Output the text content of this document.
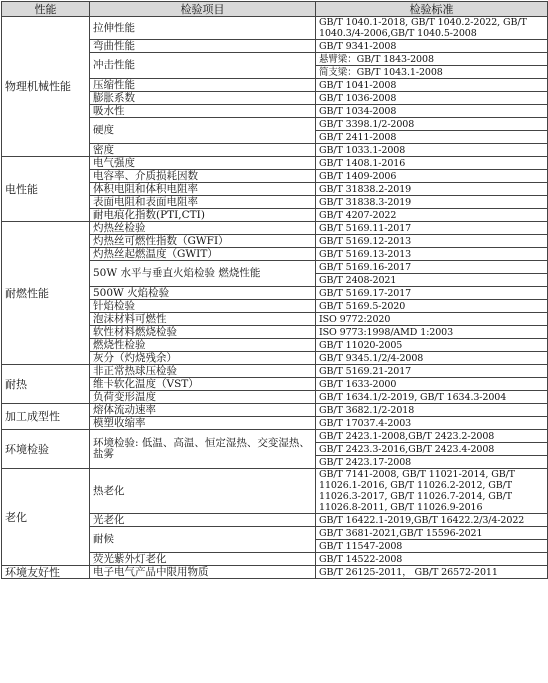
性能	检验项目	检验标准
物理机械性能	拉伸性能	GB/T 1040.1-2018, GB/T 1040.2-2022, GB/T 1040.3/4-2006,GB/T 1040.5-2008
	弯曲性能	GB/T 9341-2008
	冲击性能	悬臂梁：GB/T 1843-2008
		简支梁：GB/T 1043.1-2008
	压缩性能	GB/T 1041-2008
	膨胀系数	GB/T 1036-2008
	吸水性	GB/T 1034-2008
	硬度	GB/T 3398.1/2-2008
		GB/T 2411-2008
	密度	GB/T 1033.1-2008
电性能	电气强度	GB/T 1408.1-2016
	电容率、介质损耗因数	GB/T 1409-2006
	体积电阻和体积电阻率	GB/T 31838.2-2019
	表面电阻和表面电阻率	GB/T 31838.3-2019
	耐电痕化指数(PTI,CTI)	GB/T 4207-2022
耐燃性能	灼热丝检验	GB/T 5169.11-2017
	灼热丝可燃性指数（GWFI）	GB/T 5169.12-2013
	灼热丝起燃温度（GWIT）	GB/T 5169.13-2013
	50W 水平与垂直火焰检验 燃烧性能	GB/T 5169.16-2017
		GB/T 2408-2021
	500W 火焰检验	GB/T 5169.17-2017
	针焰检验	GB/T 5169.5-2020
	泡沫材料可燃性	ISO 9772:2020
	软性材料燃烧检验	ISO 9773:1998/AMD 1:2003
	燃烧性检验	GB/T 11020-2005
	灰分（灼烧残余）	GB/T 9345.1/2/4-2008
耐热	非正常热球压检验	GB/T 5169.21-2017
	维卡软化温度（VST）	GB/T 1633-2000
	负荷变形温度	GB/T 1634.1/2-2019, GB/T 1634.3-2004
加工成型性	熔体流动速率	GB/T 3682.1/2-2018
	模塑收缩率	GB/T 17037.4-2003
环境检验	环境检验: 低温、高温、恒定湿热、交变湿热、盐雾	GB/T 2423.1-2008,GB/T 2423.2-2008
		GB/T 2423.3-2016,GB/T 2423.4-2008
		GB/T 2423.17-2008
老化	热老化	GB/T 7141-2008, GB/T 11021-2014, GB/T 11026.1-2016, GB/T 11026.2-2012, GB/T 11026.3-2017, GB/T 11026.7-2014, GB/T 11026.8-2011, GB/T 11026.9-2016
	光老化	GB/T 16422.1-2019,GB/T 16422.2/3/4-2022
	耐候	GB/T 3681-2021,GB/T 15596-2021
		GB/T 11547-2008
	荧光紫外灯老化	GB/T 14522-2008
环境友好性	电子电气产品中限用物质	GB/T 26125-2011， GB/T 26572-2011
